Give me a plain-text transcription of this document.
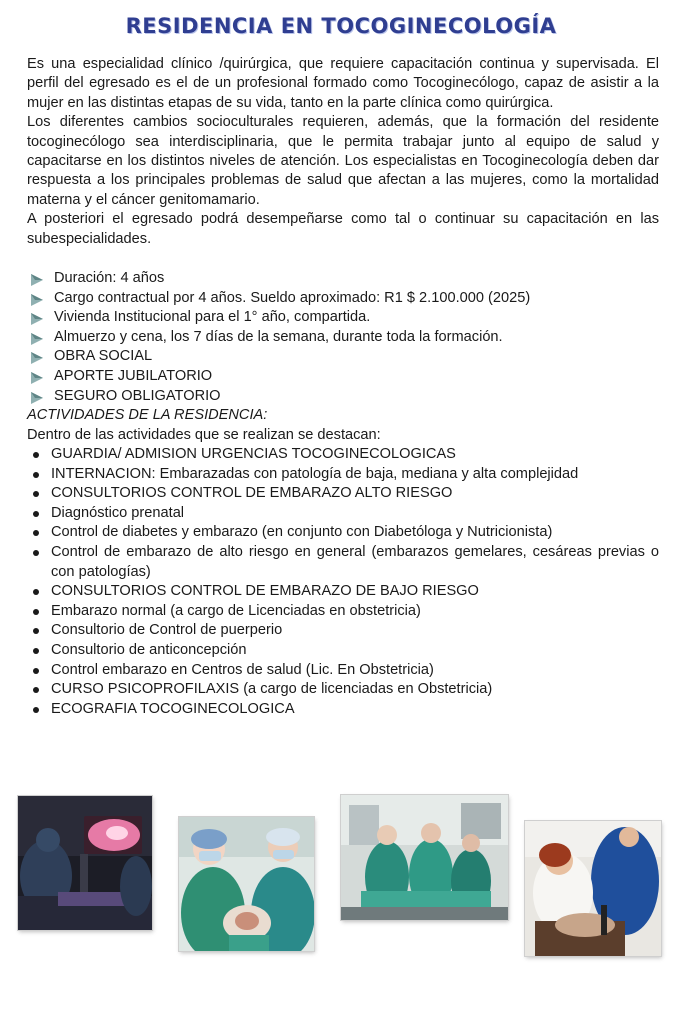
RESIDENCIA EN TOCOGINECOLOGÍA

Es una especialidad clínico /quirúrgica, que requiere capacitación continua y supervisada. El perfil del egresado es el de un profesional formado como Tocoginecólogo, capaz de asistir a la mujer en las distintas etapas de su vida, tanto en la parte clínica como quirúrgica.

Los diferentes cambios socioculturales requieren, además, que la formación del residente tocoginecólogo sea interdisciplinaria, que le permita trabajar junto al equipo de salud y capacitarse en los distintos niveles de atención. Los especialistas en Tocoginecología deben dar respuesta a los principales problemas de salud que afectan a las mujeres, como la mortalidad materna y el cáncer genitomamario.

A posteriori el egresado podrá desempeñarse como tal o continuar su capacitación en las subespecialidades.

Duración: 4 años
Cargo contractual por 4 años. Sueldo aproximado: R1 $ 2.100.000 (2025)
Vivienda Institucional para el 1° año, compartida.
Almuerzo y cena, los 7 días de la semana, durante toda la formación.
OBRA SOCIAL
APORTE JUBILATORIO
SEGURO OBLIGATORIO

ACTIVIDADES DE LA RESIDENCIA:

Dentro de las actividades que se realizan se destacan:

GUARDIA/ ADMISION URGENCIAS TOCOGINECOLOGICAS
INTERNACION: Embarazadas con patología de baja, mediana y alta complejidad
CONSULTORIOS CONTROL DE EMBARAZO ALTO RIESGO
Diagnóstico prenatal
Control de diabetes y embarazo (en conjunto con Diabetóloga y Nutricionista)
Control de embarazo de alto riesgo en general (embarazos gemelares, cesáreas previas o con patologías)
CONSULTORIOS CONTROL DE EMBARAZO DE BAJO RIESGO
Embarazo normal (a cargo de Licenciadas en obstetricia)
Consultorio de Control de puerperio
Consultorio de anticoncepción
Control embarazo en Centros de salud (Lic. En Obstetricia)
CURSO PSICOPROFILAXIS (a cargo de licenciadas en Obstetricia)
ECOGRAFIA TOCOGINECOLOGICA
